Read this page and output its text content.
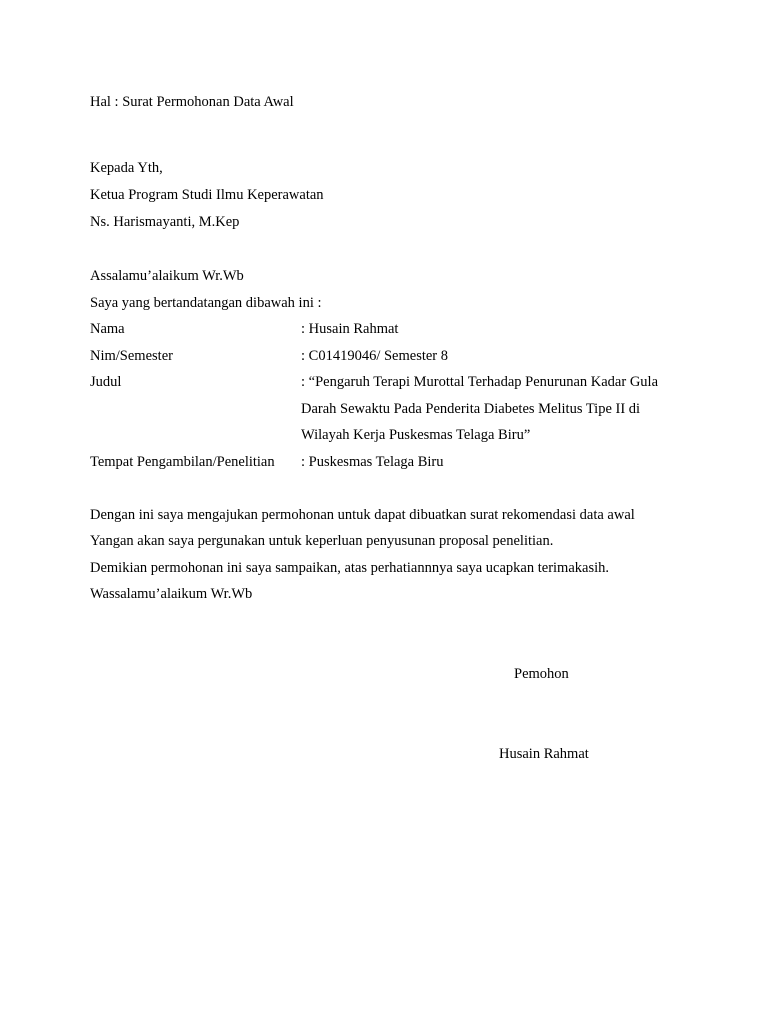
Hal : Surat Permohonan Data Awal
Kepada Yth,
Ketua Program Studi Ilmu Keperawatan
Ns. Harismayanti, M.Kep
Assalamu’alaikum Wr.Wb
Saya yang bertandatangan dibawah ini :
Nama	: Husain Rahmat
Nim/Semester	: C01419046/ Semester 8
Judul	: “Pengaruh Terapi Murottal Terhadap Penurunan Kadar Gula
Darah Sewaktu Pada Penderita Diabetes Melitus Tipe II di
Wilayah Kerja Puskesmas Telaga Biru”
Tempat Pengambilan/Penelitian : Puskesmas Telaga Biru
Dengan ini saya mengajukan permohonan untuk dapat dibuatkan surat rekomendasi data awal
Yangan akan saya pergunakan untuk keperluan penyusunan proposal penelitian.
Demikian permohonan ini saya sampaikan, atas perhatiannnya saya ucapkan terimakasih.
Wassalamu’alaikum Wr.Wb
Pemohon
Husain Rahmat
